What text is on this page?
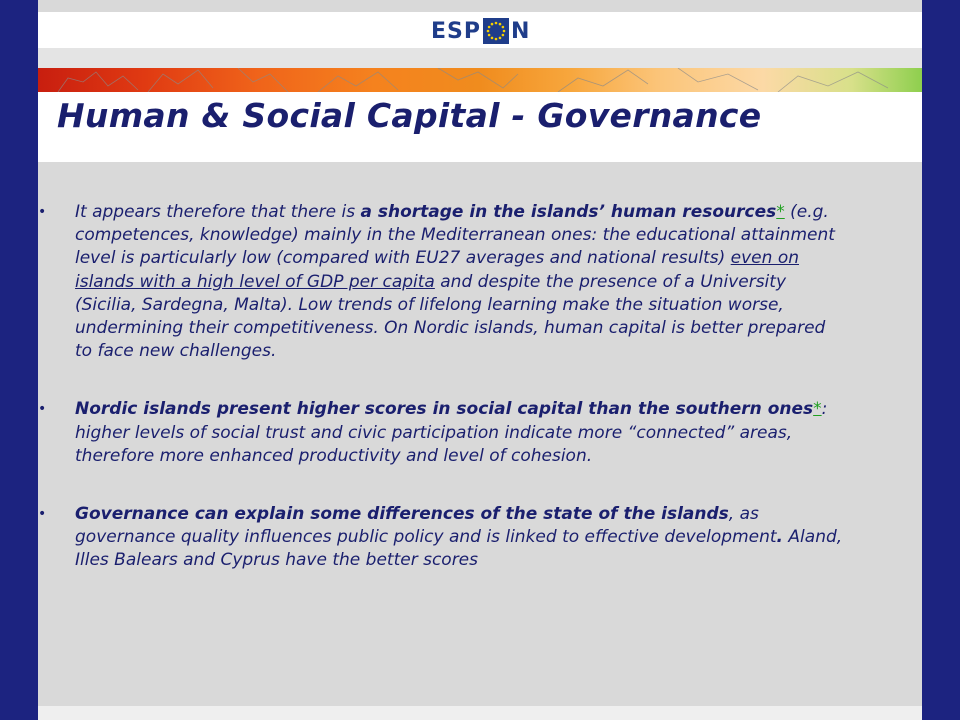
ESP N
Human & Social Capital - Governance
• It appears therefore that there is a shortage in the islands’ human resources* (e.g. competences, knowledge) mainly in the Mediterranean ones: the educational attainment level is particularly low (compared with EU27 averages and national results) even on islands with a high level of GDP per capita and despite the presence of a University (Sicilia, Sardegna, Malta). Low trends of lifelong learning make the situation worse, undermining their competitiveness. On Nordic islands, human capital is better prepared to face new challenges.
• Nordic islands present higher scores in social capital than the southern ones*: higher levels of social trust and civic participation indicate more “connected” areas, therefore more enhanced productivity and level of cohesion.
• Governance can explain some differences of the state of the islands, as governance quality influences public policy and is linked to effective development. Aland, Illes Balears and Cyprus have the better scores
